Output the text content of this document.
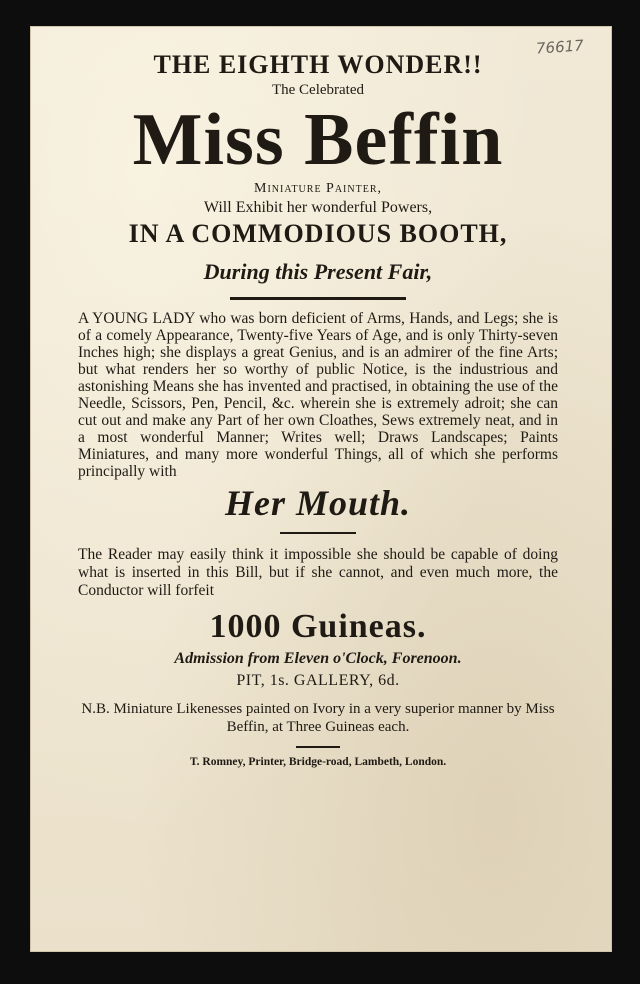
76617
THE EIGHTH WONDER!!
The Celebrated
Miss Beffin
Miniature Painter,
Will Exhibit her wonderful Powers,
IN A COMMODIOUS BOOTH,
During this Present Fair,

A YOUNG LADY who was born deficient of Arms, Hands, and Legs; she is of a comely Appearance, Twenty-five Years of Age, and is only Thirty-seven Inches high; she displays a great Genius, and is an admirer of the fine Arts; but what renders her so worthy of public Notice, is the industrious and astonishing Means she has invented and practised, in obtaining the use of the Needle, Scissors, Pen, Pencil, &c. wherein she is extremely adroit; she can cut out and make any Part of her own Cloathes, Sews extremely neat, and in a most wonderful Manner; Writes well; Draws Landscapes; Paints Miniatures, and many more wonderful Things, all of which she performs principally with

Her Mouth.
The Reader may easily think it impossible she should be capable of doing what is inserted in this Bill, but if she cannot, and even much more, the Conductor will forfeit
1000 Guineas.
Admission from Eleven o'Clock, Forenoon.
PIT, 1s. GALLERY, 6d.
N.B. Miniature Likenesses painted on Ivory in a very superior manner by Miss Beffin, at Three Guineas each.
T. Romney, Printer, Bridge-road, Lambeth, London.
